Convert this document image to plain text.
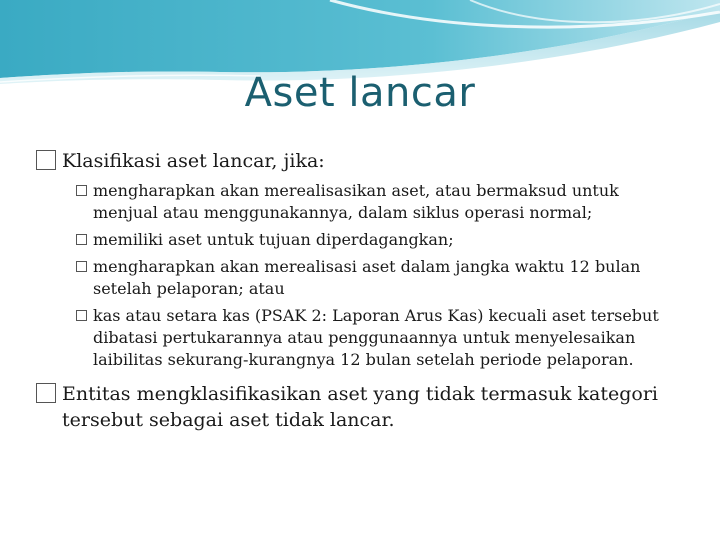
Aset lancar

Klasifikasi aset lancar, jika:

mengharapkan akan merealisasikan aset, atau bermaksud untuk menjual atau menggunakannya, dalam siklus operasi normal;

memiliki aset untuk tujuan diperdagangkan;

mengharapkan akan merealisasi aset dalam jangka waktu 12 bulan setelah pelaporan; atau

kas atau setara kas (PSAK 2: Laporan Arus Kas) kecuali aset tersebut dibatasi pertukarannya atau penggunaannya untuk menyelesaikan laibilitas sekurang-kurangnya 12 bulan setelah periode pelaporan.

Entitas mengklasifikasikan aset yang tidak termasuk kategori tersebut sebagai aset tidak lancar.
